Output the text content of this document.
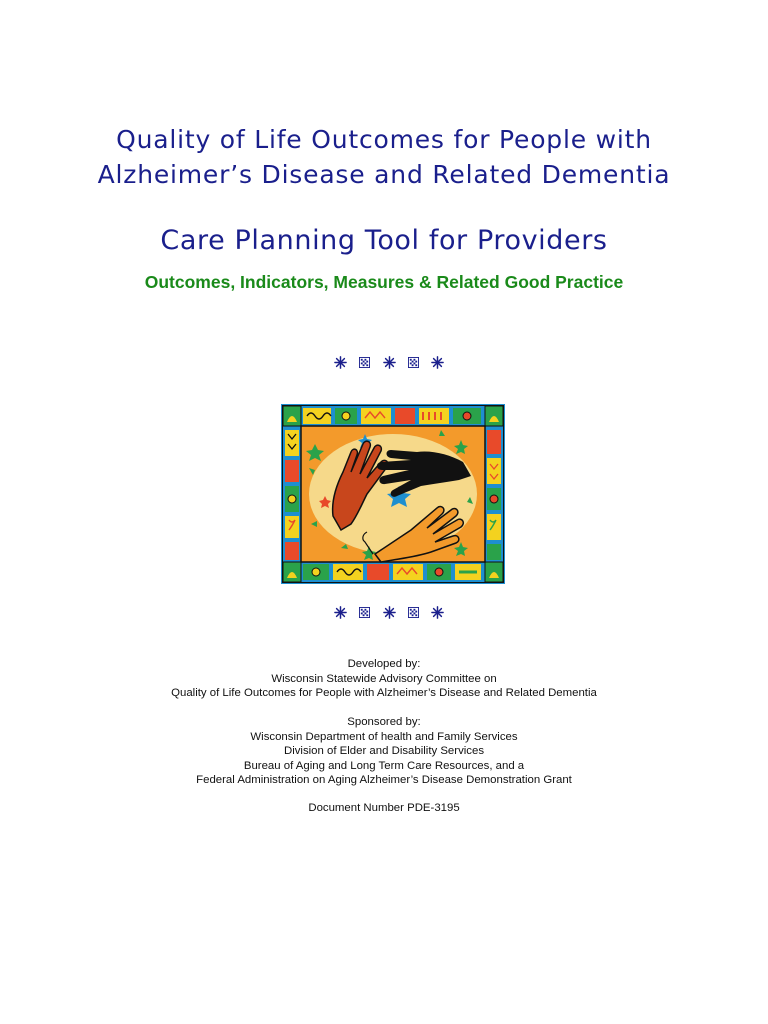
Quality of Life Outcomes for People with
Alzheimer’s Disease and Related Dementia
Care Planning Tool for Providers
Outcomes, Indicators, Measures & Related Good Practice
Developed by:
Wisconsin Statewide Advisory Committee on
Quality of Life Outcomes for People with Alzheimer’s Disease and Related Dementia
Sponsored by:
Wisconsin Department of health and Family Services
Division of Elder and Disability Services
Bureau of Aging and Long Term Care Resources, and a
Federal Administration on Aging Alzheimer’s Disease Demonstration Grant
Document Number PDE-3195
